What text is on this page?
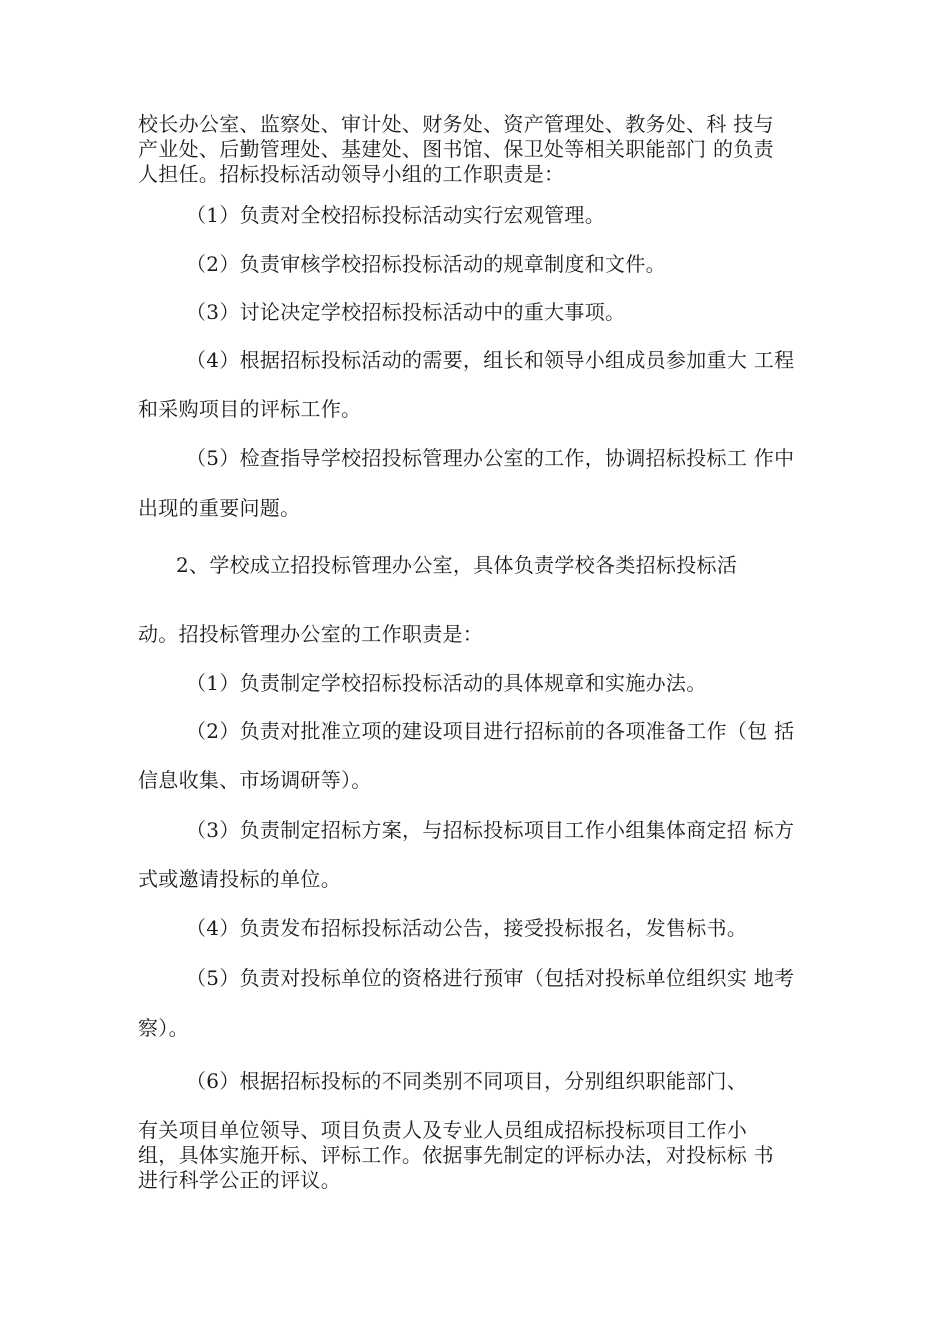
校长办公室、监察处、审计处、财务处、资产管理处、教务处、科 技与
产业处、后勤管理处、基建处、图书馆、保卫处等相关职能部门 的负责
人担任。招标投标活动领导小组的工作职责是：
（1）负责对全校招标投标活动实行宏观管理。
（2）负责审核学校招标投标活动的规章制度和文件。
（3）讨论决定学校招标投标活动中的重大事项。
（4）根据招标投标活动的需要，组长和领导小组成员参加重大 工程
和采购项目的评标工作。
（5）检查指导学校招投标管理办公室的工作，协调招标投标工 作中
出现的重要问题。
2、学校成立招投标管理办公室，具体负责学校各类招标投标活
动。招投标管理办公室的工作职责是：
（1）负责制定学校招标投标活动的具体规章和实施办法。
（2）负责对批准立项的建设项目进行招标前的各项准备工作（包 括
信息收集、市场调研等）。
（3）负责制定招标方案，与招标投标项目工作小组集体商定招 标方
式或邀请投标的单位。
（4）负责发布招标投标活动公告，接受投标报名，发售标书。
（5）负责对投标单位的资格进行预审（包括对投标单位组织实 地考
察）。
（6）根据招标投标的不同类别不同项目，分别组织职能部门、
有关项目单位领导、项目负责人及专业人员组成招标投标项目工作小
组，具体实施开标、评标工作。依据事先制定的评标办法，对投标标 书
进行科学公正的评议。
